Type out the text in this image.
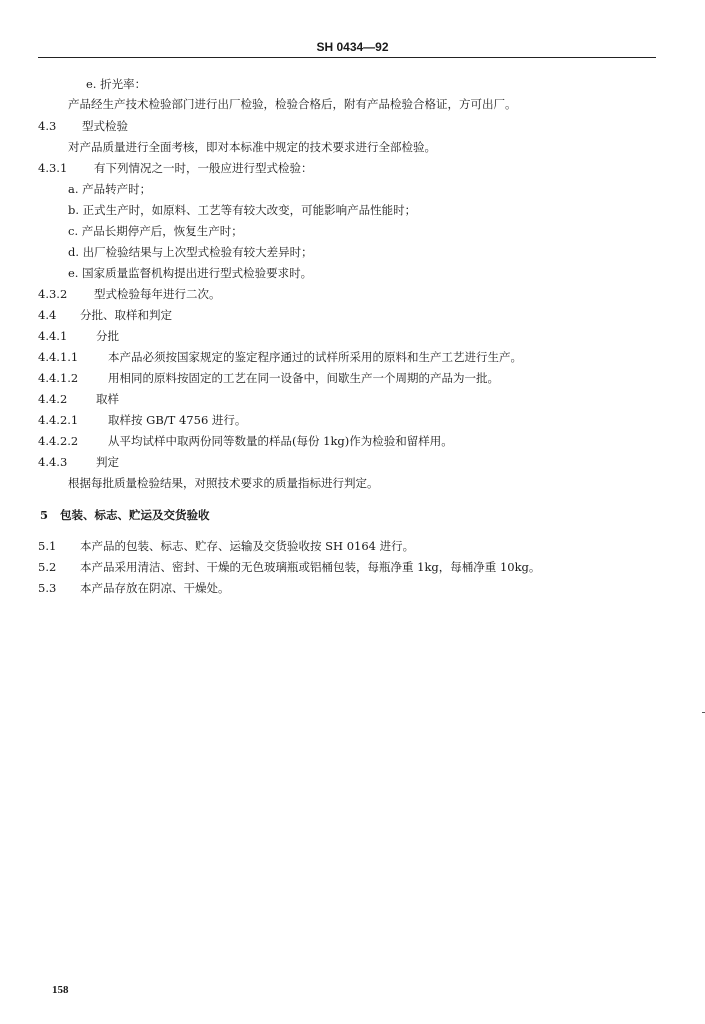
SH 0434—92
e. 折光率：
产品经生产技术检验部门进行出厂检验，检验合格后，附有产品检验合格证，方可出厂。
4.3 型式检验
对产品质量进行全面考核，即对本标准中规定的技术要求进行全部检验。
4.3.1 有下列情况之一时，一般应进行型式检验：
a. 产品转产时；
b. 正式生产时，如原料、工艺等有较大改变，可能影响产品性能时；
c. 产品长期停产后，恢复生产时；
d. 出厂检验结果与上次型式检验有较大差异时；
e. 国家质量监督机构提出进行型式检验要求时。
4.3.2 型式检验每年进行二次。
4.4 分批、取样和判定
4.4.1 分批
4.4.1.1	本产品必须按国家规定的鉴定程序通过的试样所采用的原料和生产工艺进行生产。
4.4.1.2	用相同的原料按固定的工艺在同一设备中，间歇生产一个周期的产品为一批。
4.4.2 取样
4.4.2.1	取样按 GB/T 4756 进行。
4.4.2.2	从平均试样中取两份同等数量的样品(每份 1kg)作为检验和留样用。
4.4.3 判定
根据每批质量检验结果，对照技术要求的质量指标进行判定。
5 包装、标志、贮运及交货验收
5.1 本产品的包装、标志、贮存、运输及交货验收按 SH 0164 进行。
5.2 本产品采用清洁、密封、干燥的无色玻璃瓶或铝桶包装，每瓶净重 1kg，每桶净重 10kg。
5.3 本产品存放在阴凉、干燥处。
158
